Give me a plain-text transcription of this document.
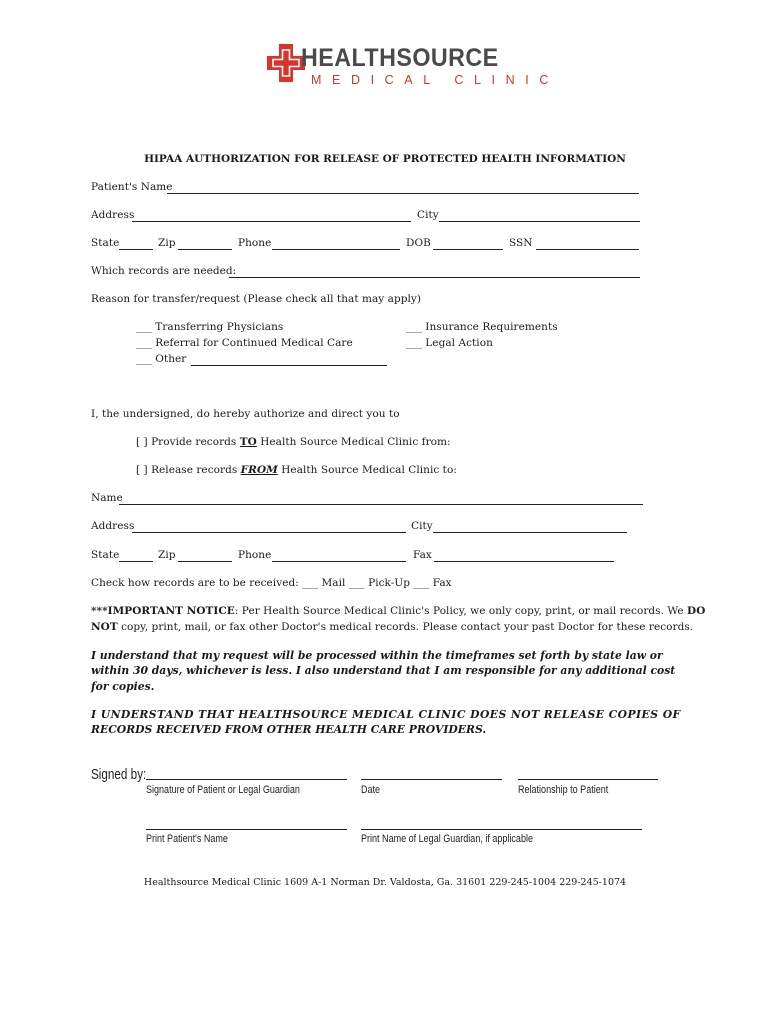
HEALTHSOURCE
MEDICAL CLINIC
HIPAA AUTHORIZATION FOR RELEASE OF PROTECTED HEALTH INFORMATION
Patient's Name
Address	City
State	Zip	Phone	DOB	SSN
Which records are needed:
Reason for transfer/request (Please check all that may apply)
___ Transferring Physicians
___ Referral for Continued Medical Care
___ Other
___ Insurance Requirements
___ Legal Action
I, the undersigned, do hereby authorize and direct you to
[ ] Provide records TO Health Source Medical Clinic from:
[ ] Release records FROM Health Source Medical Clinic to:
Name
Address	City
State	Zip	Phone	Fax
Check how records are to be received: ___ Mail ___ Pick-Up ___ Fax
***IMPORTANT NOTICE: Per Health Source Medical Clinic's Policy, we only copy, print, or mail records. We DO
NOT copy, print, mail, or fax other Doctor's medical records. Please contact your past Doctor for these records.
I understand that my request will be processed within the timeframes set forth by state law or
within 30 days, whichever is less. I also understand that I am responsible for any additional cost
for copies.
I UNDERSTAND THAT HEALTHSOURCE MEDICAL CLINIC DOES NOT RELEASE COPIES OF
RECORDS RECEIVED FROM OTHER HEALTH CARE PROVIDERS.
Signed by:
Signature of Patient or Legal Guardian	Date	Relationship to Patient
Print Patient's Name	Print Name of Legal Guardian, if applicable
Healthsource Medical Clinic 1609 A-1 Norman Dr. Valdosta, Ga. 31601 229-245-1004 229-245-1074
